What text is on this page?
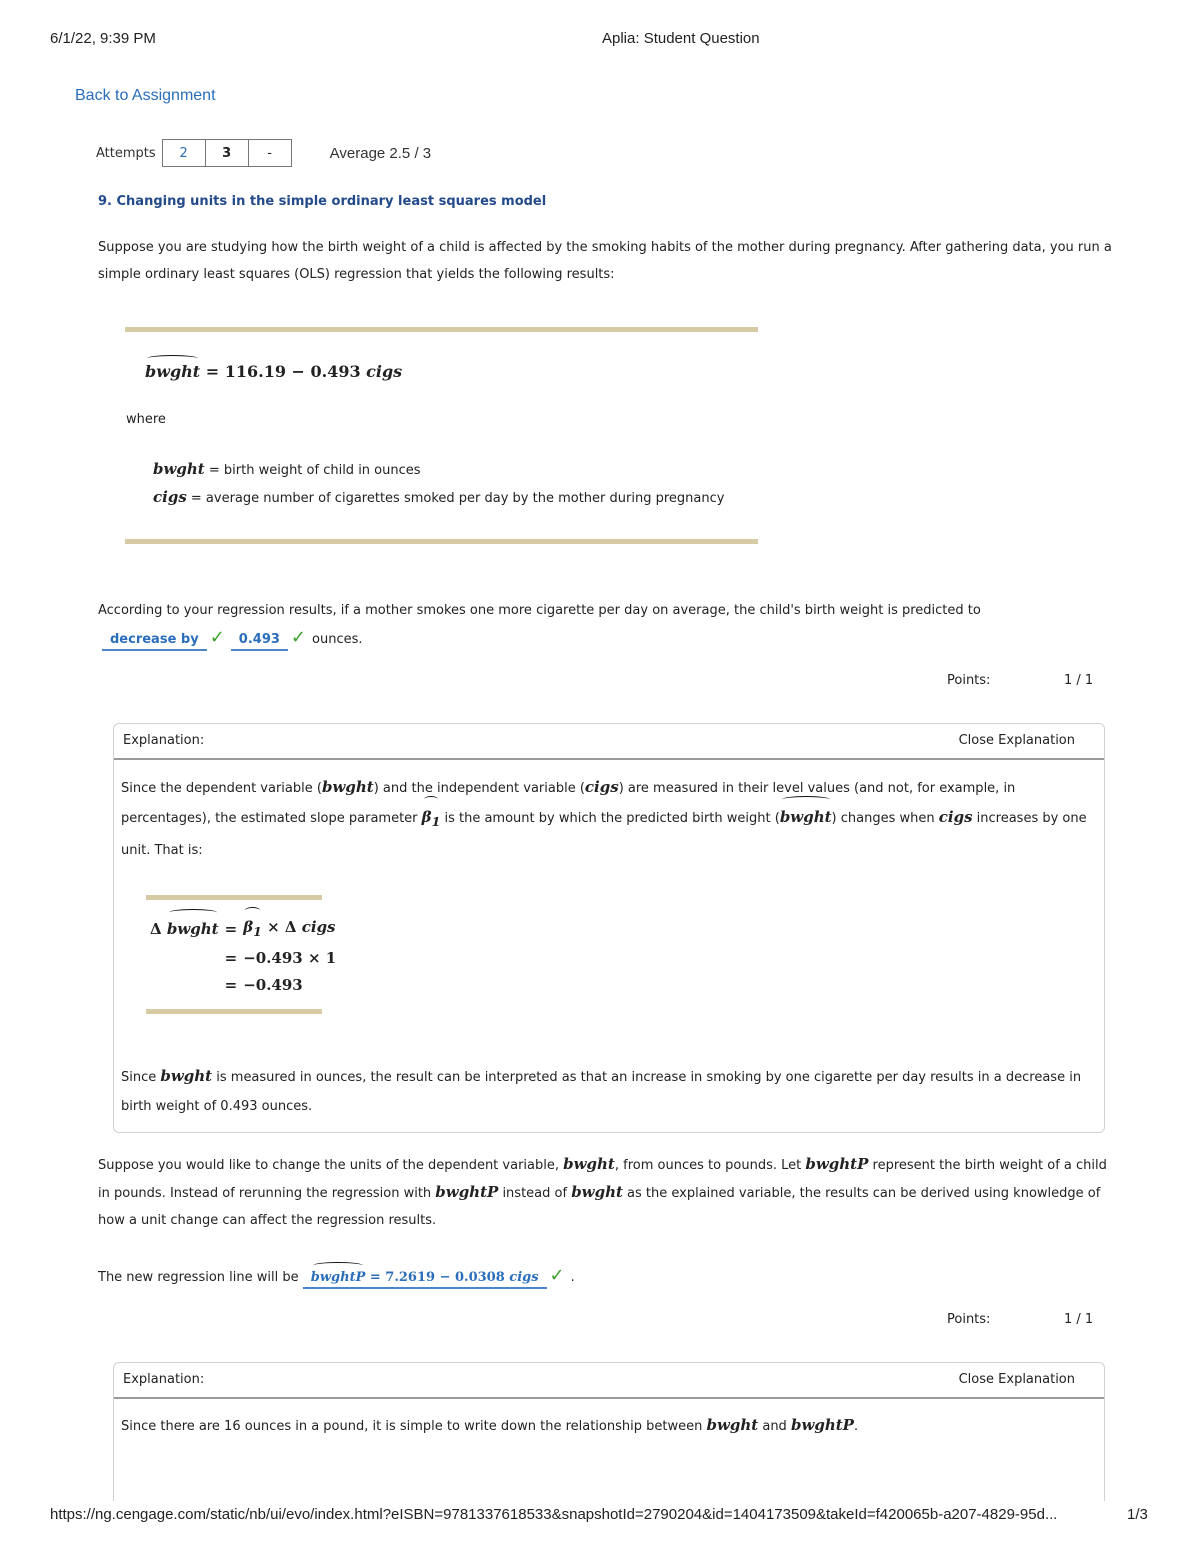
6/1/22, 9:39 PM	Aplia: Student Question
Back to Assignment
Attempts	2	3	-	Average 2.5 / 3
9. Changing units in the simple ordinary least squares model
Suppose you are studying how the birth weight of a child is affected by the smoking habits of the mother during pregnancy. After gathering data, you run a simple ordinary least squares (OLS) regression that yields the following results:
bwght = 116.19 − 0.493 cigs
where
bwght = birth weight of child in ounces
cigs = average number of cigarettes smoked per day by the mother during pregnancy
According to your regression results, if a mother smokes one more cigarette per day on average, the child's birth weight is predicted to
decrease by ✓ 0.493 ✓ ounces.
Points:	1 / 1
Explanation:	Close Explanation
Since the dependent variable (bwght) and the independent variable (cigs) are measured in their level values (and not, for example, in percentages), the estimated slope parameter $\beta_1$ is the amount by which the predicted birth weight (bwght) changes when cigs increases by one unit. That is:
Δ bwght	=	$\beta_1 \times \Delta$ cigs
	=	−0.493 × 1
	=	−0.493
Since bwght is measured in ounces, the result can be interpreted as that an increase in smoking by one cigarette per day results in a decrease in birth weight of 0.493 ounces.
Suppose you would like to change the units of the dependent variable, bwght, from ounces to pounds. Let bwghtP represent the birth weight of a child in pounds. Instead of rerunning the regression with bwghtP instead of bwght as the explained variable, the results can be derived using knowledge of how a unit change can affect the regression results.
The new regression line will be bwghtP = 7.2619 − 0.0308 cigs ✓ .
Points:	1 / 1
Explanation:	Close Explanation
Since there are 16 ounces in a pound, it is simple to write down the relationship between bwght and bwghtP.
https://ng.cengage.com/static/nb/ui/evo/index.html?eISBN=9781337618533&snapshotId=2790204&id=1404173509&takeId=f420065b-a207-4829-95d...	1/3
